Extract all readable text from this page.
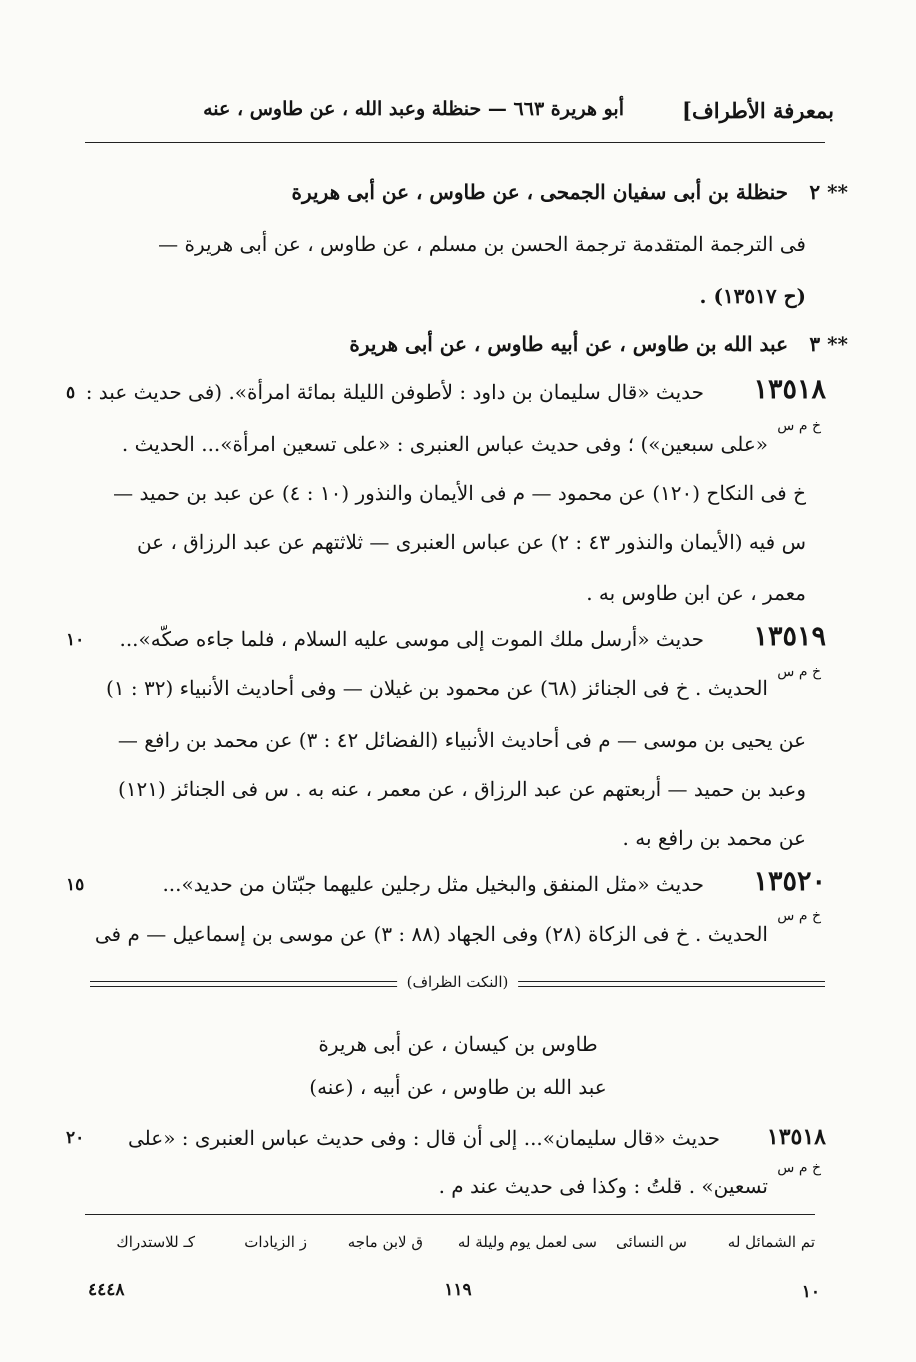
بمعرفة الأطراف]
أبو هريرة ٦٦٣ — حنظلة وعبد الله ، عن طاوس ، عنه
٢ **
حنظلة بن أبى سفيان الجمحى ، عن طاوس ، عن أبى هريرة
فى الترجمة المتقدمة ترجمة الحسن بن مسلم ، عن طاوس ، عن أبى هريرة —
(ح ١٣٥١٧) .
٣ **
عبد الله بن طاوس ، عن أبيه طاوس ، عن أبى هريرة
١٣٥١٨
حديث «قال سليمان بن داود : لأطوفن الليلة بمائة امرأة». (فى حديث عبد :
٥
خ م س
«على سبعين») ؛ وفى حديث عباس العنبرى : «على تسعين امرأة»... الحديث .
خ فى النكاح (١٢٠) عن محمود — م فى الأيمان والنذور (١٠ : ٤) عن عبد بن حميد —
س فيه (الأيمان والنذور ٤٣ : ٢) عن عباس العنبرى — ثلاثتهم عن عبد الرزاق ، عن
معمر ، عن ابن طاوس به .
١٣٥١٩
حديث «أرسل ملك الموت إلى موسى عليه السلام ، فلما جاءه صكّه»...
١٠
خ م س
الحديث . خ فى الجنائز (٦٨) عن محمود بن غيلان — وفى أحاديث الأنبياء (٣٢ : ١)
عن يحيى بن موسى — م فى أحاديث الأنبياء (الفضائل ٤٢ : ٣) عن محمد بن رافع —
وعبد بن حميد — أربعتهم عن عبد الرزاق ، عن معمر ، عنه به . س فى الجنائز (١٢١)
عن محمد بن رافع به .
١٣٥٢٠
حديث «مثل المنفق والبخيل مثل رجلين عليهما جبّتان من حديد»...
١٥
خ م س
الحديث . خ فى الزكاة (٢٨) وفى الجهاد (٨٨ : ٣) عن موسى بن إسماعيل — م فى
(النكت الظراف)
طاوس بن كيسان ، عن أبى هريرة
عبد الله بن طاوس ، عن أبيه ، (عنه)
١٣٥١٨
حديث «قال سليمان»... إلى أن قال : وفى حديث عباس العنبرى : «على
٢٠
خ م س
تسعين» . قلتُ : وكذا فى حديث عند م .
تم الشمائل له
س النسائى
سى لعمل يوم وليلة له
ق لابن ماجه
ز الزيادات
كـ للاستدراك
١٠
١١٩
٤٤٤٨
